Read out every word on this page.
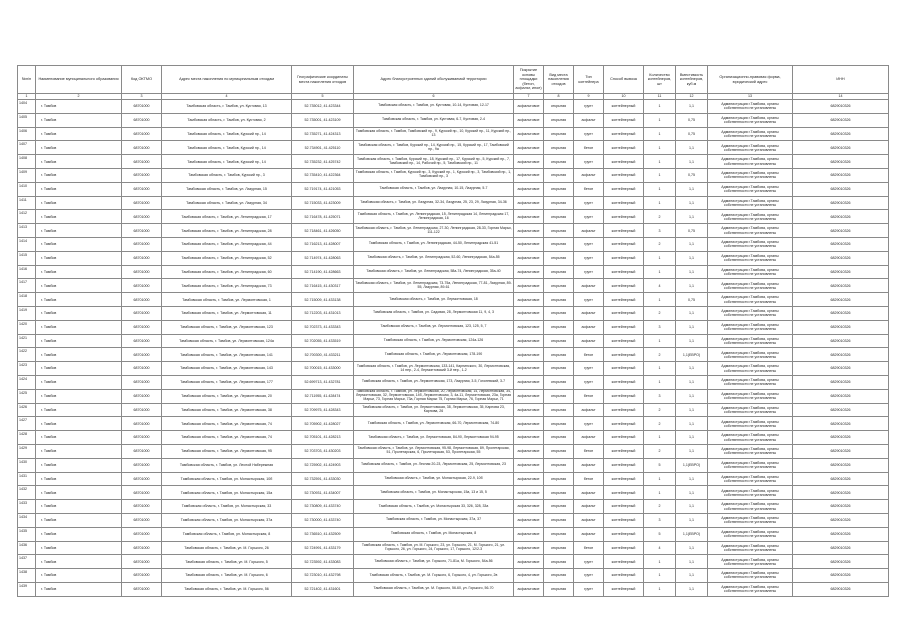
№п/п	Наименование муниципального образования	Код ОКТМО	Адрес места накопления по муниципальным отходам	Географические координаты места накопления отходов	Адрес благоустроенных зданий обслуживаемой территории	Покрытие основы площадки (бетон, асфальт, иное)	Вид места накопления отходов	Тип контейнера	Способ вывоза	Количество контейнеров, шт	Вместимость контейнеров, куб.м	Организационно-правовая форма, юридический адрес	ИНН
1	2	3	4	5	6	7	8	9	10	11	12	13	14
1404	г. Тамбов	68701000	Тамбовская область, г. Тамбов, ул. Кустовая, 13	52.735012, 41.423344	Тамбовская область, г. Тамбов, ул. Кустовая, 10-14, Кустовая, 12-17	асфальтовое	открытая	грунт	контейнерный	1	1,1	Администрация г.Тамбова, органы собственности не установлены	6829010326
1405	г. Тамбов	68701000	Тамбовская область, г. Тамбов, ул. Кустовая, 2	52.735001, 41.423109	Тамбовская область, г. Тамбов, ул. Кустовая, 6-7, Кустовая, 2-4	асфальтовое	открытая	асфальт	контейнерный	1	0,75	Администрация г.Тамбова, органы собственности не установлены	6829010326
1406	г. Тамбов	68701000	Тамбовская область, г. Тамбов, Курский пр., 14	52.735271, 41.424313	Тамбовская область, г. Тамбов, Тамбовский пр., 9, Курский пр., 10, Курский пр., 11, Курский пр., 13	асфальтовое	открытая	грунт	контейнерный	1	0,75	Администрация г.Тамбова, органы собственности не установлены	6829010326
1407	г. Тамбов	68701000	Тамбовская область, г. Тамбов, Курский пр., 14	52.734901, 41.425110	Тамбовская область, г. Тамбов, Курский пр., 14, Курский пр., 15, Курский пр., 17, Тамбовский пр., 9а	асфальтовое	открытая	бетон	контейнерный	1	1,1	Администрация г.Тамбова, органы собственности не установлены	6829010326
1408	г. Тамбов	68701000	Тамбовская область, г. Тамбов, Курский пр., 14	52.735232, 41.425742	Тамбовская область, г. Тамбов, Курский пр., 18, Курский пр., 17, Курский пр., 5, Курский пр., 7, Тамбовский пр., 14, Рабочий пр., 5, Тамбовский пр., 11	асфальтовое	открытая	грунт	контейнерный	1	1,1	Администрация г.Тамбова, органы собственности не установлены	6829010326
1409	г. Тамбов	68701000	Тамбовская область, г. Тамбов, Курский пр., 3	52.735410, 41.422364	Тамбовская область, г. Тамбов, Курский пр., 3, Курский пр., 1, Курский пр., 3, Тамбовский пр., 1, Тамбовский пр., 3	асфальтовое	открытая	асфальт	контейнерный	1	0,75	Администрация г.Тамбова, органы собственности не установлены	6829010326
1410	г. Тамбов	68701000	Тамбовская область, г. Тамбов, ул. Лазурная, 15	52.719174, 41.421053	Тамбовская область, г. Тамбов, ул. Лазурная, 10-15, Лазурная, 5-7	асфальтовое	открытая	бетон	контейнерный	1	1,1	Администрация г.Тамбова, органы собственности не установлены	6829010326
1411	г. Тамбов	68701000	Тамбовская область, г. Тамбов, ул. Лазурная, 34	52.715033, 41.423009	Тамбовская область, г. Тамбов, ул. Лазурная, 32-34, Лазурная, 25, 23, 29, Лазурная, 34-36	асфальтовое	открытая	грунт	контейнерный	1	1,1	Администрация г.Тамбова, органы собственности не установлены	6829010326
1412	г. Тамбов	68701000	Тамбовская область, г. Тамбов, ул. Ленинградская, 17	52.716478, 41.425071	Тамбовская область, г. Тамбов, ул. Ленинградская, 15, Ленинградская 14, Ленинградская 17, Ленинградская, 16	асфальтовое	открытая	грунт	контейнерный	2	1,1	Администрация г.Тамбова, органы собственности не установлены	6829010326
1413	г. Тамбов	68701000	Тамбовская область, г. Тамбов, ул. Ленинградская, 28	52.718461, 41.426050	Тамбовская область, г. Тамбов, ул. Ленинградская, 27-30, Ленинградская, 28-33, Горная Марьи, 111-122	асфальтовое	открытая	асфальт	контейнерный	3	0,75	Администрация г.Тамбова, органы собственности не установлены	6829010326
1414	г. Тамбов	68701000	Тамбовская область, г. Тамбов, ул. Ленинградская, 44	52.716213, 41.428007	Тамбовская область, г. Тамбов, ул. Ленинградская, 44-50, Ленинградская 41-51	асфальтовое	открытая	грунт	контейнерный	2	1,1	Администрация г.Тамбова, органы собственности не установлены	6829010326
1415	г. Тамбов	68701000	Тамбовская область, г. Тамбов, ул. Ленинградская, 52	52.714974, 41.428063	Тамбовская область, г. Тамбов, ул. Ленинградская, 52-60, Ленинградская, 54а-55	асфальтовое	открытая	грунт	контейнерный	1	1,1	Администрация г.Тамбова, органы собственности не установлены	6829010326
1416	г. Тамбов	68701000	Тамбовская область, г. Тамбов, ул. Ленинградская, 60	52.714190, 41.428663	Тамбовская область, г. Тамбов, ул. Ленинградская, 58а-74, Ленинградская, 35а-40	асфальтовое	открытая	грунт	контейнерный	1	1,1	Администрация г.Тамбова, органы собственности не установлены	6829010326
1417	г. Тамбов	68701000	Тамбовская область, г. Тамбов, ул. Ленинградская, 73	52.716415, 41.430317	Тамбовская область, г. Тамбов, ул. Ленинградская, 73-75а, Ленинградская, 77-81, Лазурная, 89-55, Лазурная, 89-61	асфальтовое	открытая	асфальт	контейнерный	4	1,1	Администрация г.Тамбова, органы собственности не установлены	6829010326
1418	г. Тамбов	68701000	Тамбовская область, г. Тамбов, ул. Лермонтовская, 1	52.715009, 41.433138	Тамбовская область, г. Тамбов, ул. Лермонтовская, 18	асфальтовое	открытая	грунт	контейнерный	1	0,75	Администрация г.Тамбова, органы собственности не установлены	6829010326
1419	г. Тамбов	68701000	Тамбовская область, г. Тамбов, ул. Лермонтовская, 11	52.712203, 41.431013	Тамбовская область, г. Тамбов, ул. Садовая, 28, Лермонтовская 11, 9, 4, 3	асфальтовое	открытая	асфальт	контейнерный	2	1,1	Администрация г.Тамбова, органы собственности не установлены	6829010326
1420	г. Тамбов	68701000	Тамбовская область, г. Тамбов, ул. Лермонтовская, 123	52.702373, 41.433343	Тамбовская область, г. Тамбов, ул. Лермонтовская, 123, 125, 5, 7	асфальтовое	открытая	асфальт	контейнерный	3	1,1	Администрация г.Тамбова, органы собственности не установлены	6829010326
1421	г. Тамбов	68701000	Тамбовская область, г. Тамбов, ул. Лермонтовская, 124а	52.702055, 41.433519	Тамбовская область, г. Тамбов, ул. Лермонтовская, 124а-126	асфальтовое	открытая	асфальт	контейнерный	1	1,1	Администрация г.Тамбова, органы собственности не установлены	6829010326
1422	г. Тамбов	68701000	Тамбовская область, г. Тамбов, ул. Лермонтовская, 141	52.700300, 41.433211	Тамбовская область, г. Тамбов, ул. Лермонтовская, 178-190	асфальтовое	открытая	бетон	контейнерный	2	1,1(ЕВРО)	Администрация г.Тамбова, органы собственности не установлены	6829010326
1423	г. Тамбов	68701000	Тамбовская область, г. Тамбов, ул. Лермонтовская, 143	52.700015, 41.433000	Тамбовская область, г. Тамбов, ул. Лермонтовская, 133-141, Карпинского, 30, Лермонтовская, 14 пер., 2-4, Лермонтовский 3-й пер., 1-2	асфальтовое	открытая	грунт	контейнерный	1	1,1	Администрация г.Тамбова, органы собственности не установлены	6829010326
1424	г. Тамбов	68701000	Тамбовская область, г. Тамбов, ул. Лермонтовская, 177	52.699713, 41.432781	Тамбовская область, г. Тамбов, ул. Лермонтовская, 173, Лазурная, 3-5, Гоголевский, 3-7	асфальтовое	открытая	грунт	контейнерный	1	1,1	Администрация г.Тамбова, органы собственности не установлены	6829010326
1425	г. Тамбов	68701000	Тамбовская область, г. Тамбов, ул. Лермонтовская, 20	52.711955, 41.428474	Тамбовская область, г. Тамбов, ул. Лермонтовская, 20, Лермонтовская, 14, Лермонтовская, 34, Лермонтовская, 32, Лермонтовская, 14б, Лермонтовская, 3, 4а-11, Лермонтовская, 23а, Горная Марьи, 73, Горная Марьи, 73а, Горная Марьи 75, Горная Марьи, 76, Горная Марьи, 71	асфальтовое	открытая	бетон	контейнерный	3	1,1	Администрация г.Тамбова, органы собственности не установлены	6829010326
1426	г. Тамбов	68701000	Тамбовская область, г. Тамбов, ул. Лермонтовская, 38	52.709975, 41.428343	Тамбовская область, г. Тамбов, ул. Лермонтовская, 38, Лермонтовская, 35, Карпова 23, Карпова, 26	асфальтовое	открытая	асфальт	контейнерный	2	1,1	Администрация г.Тамбова, органы собственности не установлены	6829010326
1427	г. Тамбов	68701000	Тамбовская область, г. Тамбов, ул. Лермонтовская, 74	52.705902, 41.428027	Тамбовская область, г. Тамбов, ул. Лермонтовская, 66-70, Лермонтовская, 74-80	асфальтовое	открытая	грунт	контейнерный	2	1,1	Администрация г.Тамбова, органы собственности не установлены	6829010326
1428	г. Тамбов	68701000	Тамбовская область, г. Тамбов, ул. Лермонтовская, 74	52.705101, 41.428213	Тамбовская область, г. Тамбов, ул. Лермонтовская, 84-90, Лермонтовская 94-95	асфальтовое	открытая	асфальт	контейнерный	1	1,1	Администрация г.Тамбова, органы собственности не установлены	6829010326
1429	г. Тамбов	68701000	Тамбовская область, г. Тамбов, ул. Лермонтовская, 95	52.703703, 41.430203	Тамбовская область, г. Тамбов, ул. Лермонтовская, 95-98, Лермонтовская, 89, Пролетарская, 51, Пролетарская, 6, Пролетарская, 53, Пролетарская, 55	асфальтовое	открытая	бетон	контейнерный	2	1,1	Администрация г.Тамбова, органы собственности не установлены	6829010326
1430	г. Тамбов	68701000	Тамбовская область, г. Тамбов, ул. Лесной Набережная	52.725902, 41.424903	Тамбовская область, г. Тамбов, ул. Лесная 20-23, Лермонтовская, 25, Лермонтовская, 23	асфальтовое	открытая	асфальт	контейнерный	5	1,1(ЕВРО)	Администрация г.Тамбова, органы собственности не установлены	6829010326
1431	г. Тамбов	68701000	Тамбовская область, г. Тамбов, ул. Монастырская, 10б	52.732591, 41.433030	Тамбовская область, г. Тамбов, ул. Монастырская, 22-9, 10б	асфальтовое	открытая	бетон	контейнерный	1	1,1	Администрация г.Тамбова, органы собственности не установлены	6829010326
1432	г. Тамбов	68701000	Тамбовская область, г. Тамбов, ул. Монастырская, 15а	52.730931, 41.434007	Тамбовская область, г. Тамбов, ул. Монастырская, 15а, 13 и 15, 5	асфальтовое	открытая	асфальт	контейнерный	1	1,1	Администрация г.Тамбова, органы собственности не установлены	6829010326
1433	г. Тамбов	68701000	Тамбовская область, г. Тамбов, ул. Монастырская, 33	52.730809, 41.433740	Тамбовская область, г. Тамбов, ул. Монастырская 33, 326, 328, 33а	асфальтовое	открытая	асфальт	контейнерный	2	1,1	Администрация г.Тамбова, органы собственности не установлены	6829010326
1434	г. Тамбов	68701000	Тамбовская область, г. Тамбов, ул. Монастырская, 37а	52.730000, 41.433740	Тамбовская область, г. Тамбов, ул. Монастырская, 37а, 37	асфальтовое	открытая	асфальт	контейнерный	3	1,1	Администрация г.Тамбова, органы собственности не установлены	6829010326
1435	г. Тамбов	68701000	Тамбовская область, г. Тамбов, ул. Монастырская, 8	52.736510, 41.432509	Тамбовская область, г. Тамбов, ул. Монастырская, 8	асфальтовое	открытая	асфальт	контейнерный	5	1,1(ЕВРО)	Администрация г.Тамбова, органы собственности не установлены	6829010326
1436	г. Тамбов	68701000	Тамбовская область, г. Тамбов, ул. М. Горького, 26	52.724991, 41.433179	Тамбовская область, г. Тамбов, ул. М. Горького, 23, ул. Горького, 21, М. Горького, 21, ул. Горького, 26, ул. Горького, 24, Горького, 17, Горького, 12/2-3	асфальтовое	открытая	бетон	контейнерный	4	1,1	Администрация г.Тамбова, органы собственности не установлены	6829010326
1437	г. Тамбов	68701000	Тамбовская область, г. Тамбов, ул. М. Горького, 5	52.723592, 41.433083	Тамбовская область, г. Тамбов, ул. Горького, 71-81а, М. Горького, 54а-56	асфальтовое	открытая	грунт	контейнерный	1	1,1	Администрация г.Тамбова, органы собственности не установлены	6829010326
1438	г. Тамбов	68701000	Тамбовская область, г. Тамбов, ул. М. Горького, 6	52.723010, 41.432798	Тамбовская область, г. Тамбов, ул. М. Горького, 6, Горького, 4, ул. Горького, 2в	асфальтовое	открытая	грунт	контейнерный	1	1,1	Администрация г.Тамбова, органы собственности не установлены	6829010326
1439	г. Тамбов	68701000	Тамбовская область, г. Тамбов, ул. М. Горького, 56	52.721402, 41.431601	Тамбовская область, г. Тамбов, ул. М. Горького, 56-60, ул. Горького, 56-70	асфальтовое	открытая	грунт	контейнерный	1	1,1	Администрация г.Тамбова, органы собственности не установлены	6829010326
